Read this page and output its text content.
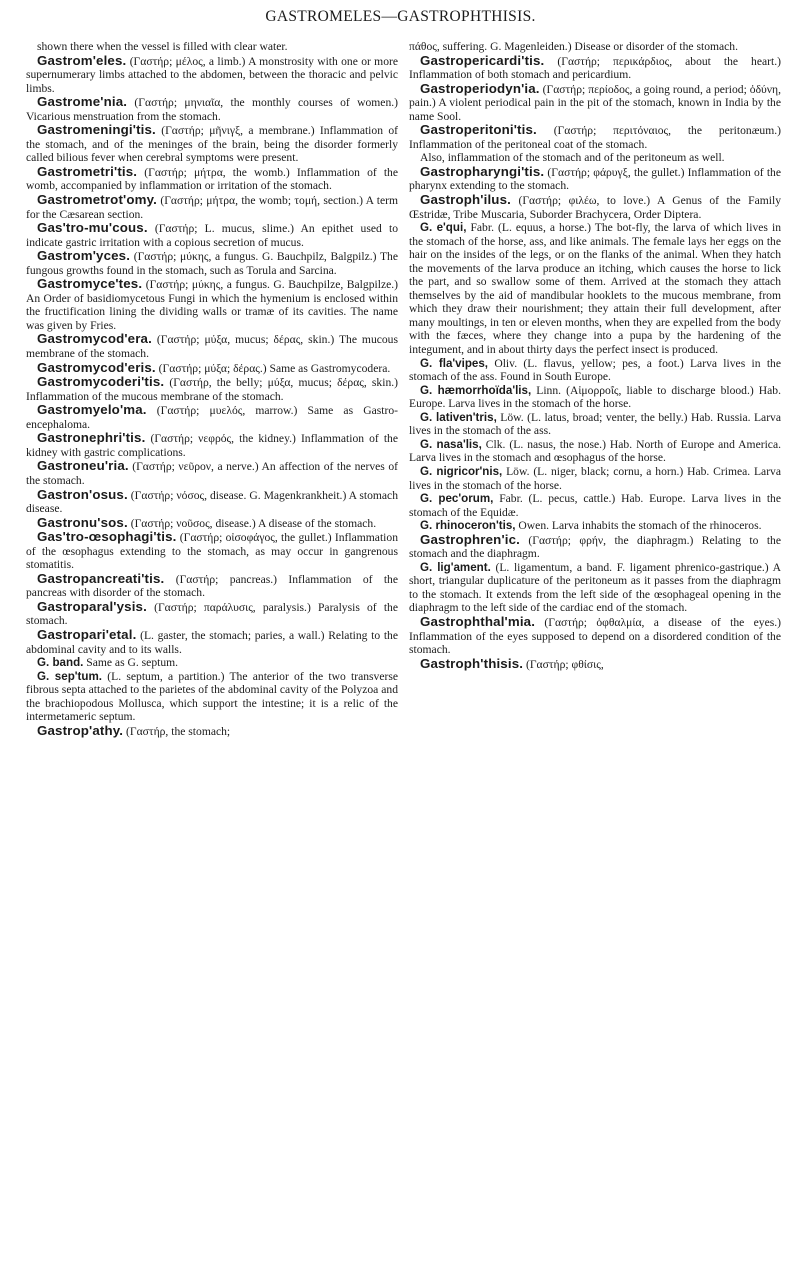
GASTROMELES—GASTROPHTHISIS.

shown there when the vessel is filled with clear water.

Gastrom'eles. (Γαστήρ; μέλος, a limb.) A monstrosity with one or more supernumerary limbs attached to the abdomen, between the thoracic and pelvic limbs.

Gastrome'nia. (Γαστήρ; μηνιαῖα, the monthly courses of women.) Vicarious menstruation from the stomach.

Gastromeningi'tis. (Γαστήρ; μῆνιγξ, a membrane.) Inflammation of the stomach, and of the meninges of the brain, being the disorder formerly called bilious fever when cerebral symptoms were present.

Gastrometri'tis. (Γαστήρ; μήτρα, the womb.) Inflammation of the womb, accompanied by inflammation or irritation of the stomach.

Gastrometrot'omy. (Γαστήρ; μήτρα, the womb; τομή, section.) A term for the Cæsarean section.

Gas'tro-mu'cous. (Γαστήρ; L. mucus, slime.) An epithet used to indicate gastric irritation with a copious secretion of mucus.

Gastrom'yces. (Γαστήρ; μύκης, a fungus. G. Bauchpilz, Balgpilz.) The fungous growths found in the stomach, such as Torula and Sarcina.

Gastromyce'tes. (Γαστήρ; μύκης, a fungus. G. Bauchpilze, Balgpilze.) An Order of basidiomycetous Fungi in which the hymenium is enclosed within the fructification lining the dividing walls or tramæ of its cavities. The name was given by Fries.

Gastromycod'era. (Γαστήρ; μύξα, mucus; δέρας, skin.) The mucous membrane of the stomach.

Gastromycod'eris. (Γαστήρ; μύξα; δέρας.) Same as Gastromycodera.

Gastromycoderi'tis. (Γαστήρ, the belly; μύξα, mucus; δέρας, skin.) Inflammation of the mucous membrane of the stomach.

Gastromyelo'ma. (Γαστήρ; μυελός, marrow.) Same as Gastro-encephaloma.

Gastronephri'tis. (Γαστήρ; νεφρός, the kidney.) Inflammation of the kidney with gastric complications.

Gastroneu'ria. (Γαστήρ; νεῦρον, a nerve.) An affection of the nerves of the stomach.

Gastron'osus. (Γαστήρ; νόσος, disease. G. Magenkrankheit.) A stomach disease.

Gastronu'sos. (Γαστήρ; νοῦσος, disease.) A disease of the stomach.

Gas'tro-œsophagi'tis. (Γαστήρ; οἰσοφάγος, the gullet.) Inflammation of the œsophagus extending to the stomach, as may occur in gangrenous stomatitis.

Gastropancreati'tis. (Γαστήρ; pancreas.) Inflammation of the pancreas with disorder of the stomach.

Gastroparal'ysis. (Γαστήρ; παράλυσις, paralysis.) Paralysis of the stomach.

Gastropari'etal. (L. gaster, the stomach; paries, a wall.) Relating to the abdominal cavity and to its walls.

G. band. Same as G. septum.

G. sep'tum. (L. septum, a partition.) The anterior of the two transverse fibrous septa attached to the parietes of the abdominal cavity of the Polyzoa and the brachiopodous Mollusca, which support the intestine; it is a relic of the intermetameric septum.

Gastrop'athy. (Γαστήρ, the stomach;

πάθος, suffering. G. Magenleiden.) Disease or disorder of the stomach.

Gastropericardi'tis. (Γαστήρ; περικάρδιος, about the heart.) Inflammation of both stomach and pericardium.

Gastroperiodyn'ia. (Γαστήρ; περίοδος, a going round, a period; ὀδύνη, pain.) A violent periodical pain in the pit of the stomach, known in India by the name Sool.

Gastroperitoni'tis. (Γαστήρ; περιτόναιος, the peritonæum.) Inflammation of the peritoneal coat of the stomach.

Also, inflammation of the stomach and of the peritoneum as well.

Gastropharyngi'tis. (Γαστήρ; φάρυγξ, the gullet.) Inflammation of the pharynx extending to the stomach.

Gastroph'ilus. (Γαστήρ; φιλέω, to love.) A Genus of the Family Œstridæ, Tribe Muscaria, Suborder Brachycera, Order Diptera.

G. e'qui, Fabr. (L. equus, a horse.) The bot-fly, the larva of which lives in the stomach of the horse, ass, and like animals. The female lays her eggs on the hair on the insides of the legs, or on the flanks of the animal. When they hatch the movements of the larva produce an itching, which causes the horse to lick the part, and so swallow some of them. Arrived at the stomach they attach themselves by the aid of mandibular hooklets to the mucous membrane, from which they draw their nourishment; they attain their full development, after many moultings, in ten or eleven months, when they are expelled from the body with the fæces, where they change into a pupa by the hardening of the integument, and in about thirty days the perfect insect is produced.

G. fla'vipes, Oliv. (L. flavus, yellow; pes, a foot.) Larva lives in the stomach of the ass. Found in South Europe.

G. hæmorrhoïda'lis, Linn. (Αἱμορροΐς, liable to discharge blood.) Hab. Europe. Larva lives in the stomach of the horse.

G. lativen'tris, Löw. (L. latus, broad; venter, the belly.) Hab. Russia. Larva lives in the stomach of the ass.

G. nasa'lis, Clk. (L. nasus, the nose.) Hab. North of Europe and America. Larva lives in the stomach and œsophagus of the horse.

G. nigricor'nis, Löw. (L. niger, black; cornu, a horn.) Hab. Crimea. Larva lives in the stomach of the horse.

G. pec'orum, Fabr. (L. pecus, cattle.) Hab. Europe. Larva lives in the stomach of the Equidæ.

G. rhinoceron'tis, Owen. Larva inhabits the stomach of the rhinoceros.

Gastrophren'ic. (Γαστήρ; φρήν, the diaphragm.) Relating to the stomach and the diaphragm.

G. lig'ament. (L. ligamentum, a band. F. ligament phrenico-gastrique.) A short, triangular duplicature of the peritoneum as it passes from the diaphragm to the stomach. It extends from the left side of the œsophageal opening in the diaphragm to the left side of the cardiac end of the stomach.

Gastrophthal'mia. (Γαστήρ; ὀφθαλμία, a disease of the eyes.) Inflammation of the eyes supposed to depend on a disordered condition of the stomach.

Gastroph'thisis. (Γαστήρ; φθίσις,
